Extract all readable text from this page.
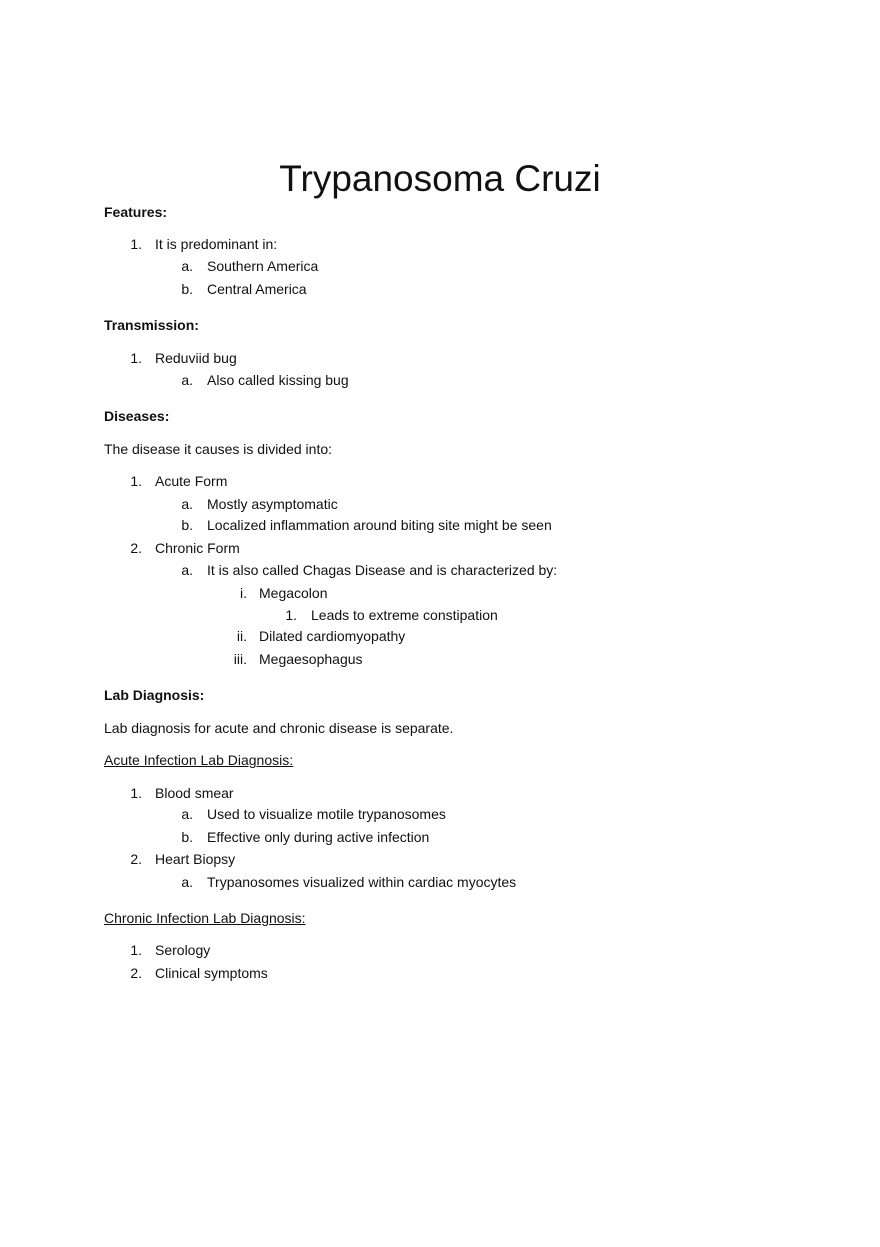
Trypanosoma Cruzi
Features:
1. It is predominant in:
a. Southern America
b. Central America
Transmission:
1. Reduviid bug
a. Also called kissing bug
Diseases:
The disease it causes is divided into:
1. Acute Form
a. Mostly asymptomatic
b. Localized inflammation around biting site might be seen
2. Chronic Form
a. It is also called Chagas Disease and is characterized by:
i. Megacolon
1. Leads to extreme constipation
ii. Dilated cardiomyopathy
iii. Megaesophagus
Lab Diagnosis:
Lab diagnosis for acute and chronic disease is separate.
Acute Infection Lab Diagnosis:
1. Blood smear
a. Used to visualize motile trypanosomes
b. Effective only during active infection
2. Heart Biopsy
a. Trypanosomes visualized within cardiac myocytes
Chronic Infection Lab Diagnosis:
1. Serology
2. Clinical symptoms
